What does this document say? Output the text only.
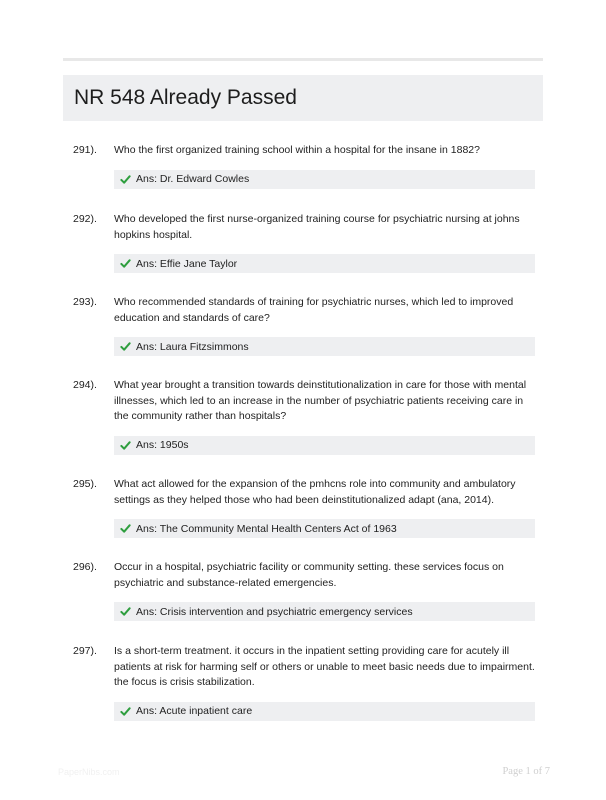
NR 548 Already Passed
291).	Who the first organized training school within a hospital for the insane in 1882?
Ans: Dr. Edward Cowles
292).	Who developed the first nurse-organized training course for psychiatric nursing at johns hopkins hospital.
Ans: Effie Jane Taylor
293).	Who recommended standards of training for psychiatric nurses, which led to improved education and standards of care?
Ans: Laura Fitzsimmons
294).	What year brought a transition towards deinstitutionalization in care for those with mental illnesses, which led to an increase in the number of psychiatric patients receiving care in the community rather than hospitals?
Ans: 1950s
295).	What act allowed for the expansion of the pmhcns role into community and ambulatory settings as they helped those who had been deinstitutionalized adapt (ana, 2014).
Ans: The Community Mental Health Centers Act of 1963
296).	Occur in a hospital, psychiatric facility or community setting. these services focus on psychiatric and substance-related emergencies.
Ans: Crisis intervention and psychiatric emergency services
297).	Is a short-term treatment. it occurs in the inpatient setting providing care for acutely ill patients at risk for harming self or others or unable to meet basic needs due to impairment. the focus is crisis stabilization.
Ans: Acute inpatient care
PaperNibs.com	Page 1 of 7
